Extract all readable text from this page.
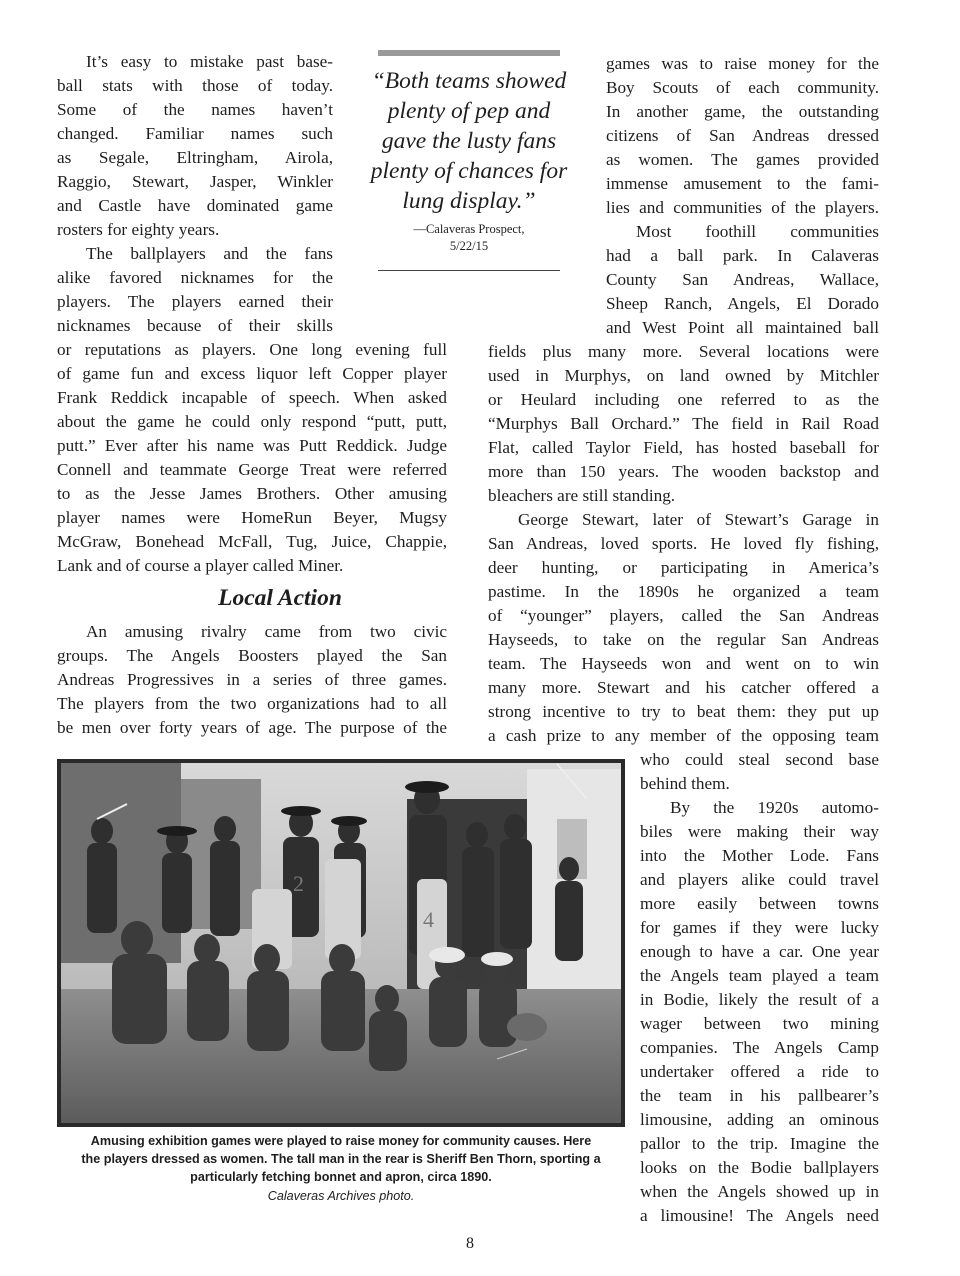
It’s easy to mistake past base-
ball stats with those of today.
Some of the names haven’t
changed. Familiar names such
as Segale, Eltringham, Airola,
Raggio, Stewart, Jasper, Winkler
and Castle have dominated game
rosters for eighty years.
The ballplayers and the fans
alike favored nicknames for the
players. The players earned their
nicknames because of their skills
or reputations as players. One long evening full
of game fun and excess liquor left Copper player
Frank Reddick incapable of speech. When asked
about the game he could only respond “putt, putt,
putt.” Ever after his name was Putt Reddick. Judge
Connell and teammate George Treat were referred
to as the Jesse James Brothers. Other amusing
player names were HomeRun Beyer, Mugsy
McGraw, Bonehead McFall, Tug, Juice, Chappie,
Lank and of course a player called Miner.
Local Action
An amusing rivalry came from two civic
groups. The Angels Boosters played the San
Andreas Progressives in a series of three games.
The players from the two organizations had to all
be men over forty years of age. The purpose of the
“Both teams showed
plenty of pep and
gave the lusty fans
plenty of chances for
lung display.”
—Calaveras Prospect,
5/22/15
games was to raise money for the
Boy Scouts of each community.
In another game, the outstanding
citizens of San Andreas dressed
as women. The games provided
immense amusement to the fami-
lies and communities of the players.
Most foothill communities
had a ball park. In Calaveras
County San Andreas, Wallace,
Sheep Ranch, Angels, El Dorado
and West Point all maintained ball
fields plus many more. Several locations were
used in Murphys, on land owned by Mitchler
or Heulard including one referred to as the
“Murphys Ball Orchard.” The field in Rail Road
Flat, called Taylor Field, has hosted baseball for
more than 150 years. The wooden backstop and
bleachers are still standing.
George Stewart, later of Stewart’s Garage in
San Andreas, loved sports. He loved fly fishing,
deer hunting, or participating in America’s
pastime. In the 1890s he organized a team
of “younger” players, called the San Andreas
Hayseeds, to take on the regular San Andreas
team. The Hayseeds won and went on to win
many more. Stewart and his catcher offered a
strong incentive to try to beat them: they put up
a cash prize to any member of the opposing team
who could steal second base
behind them.
By the 1920s automo-
biles were making their way
into the Mother Lode. Fans
and players alike could travel
more easily between towns
for games if they were lucky
enough to have a car. One year
the Angels team played a team
in Bodie, likely the result of a
wager between two mining
companies. The Angels Camp
undertaker offered a ride to
the team in his pallbearer’s
limousine, adding an ominous
pallor to the trip. Imagine the
looks on the Bodie ballplayers
when the Angels showed up in
a limousine! The Angels need
2
4
Amusing exhibition games were played to raise money for community causes. Here
the players dressed as women. The tall man in the rear is Sheriff Ben Thorn, sporting a
particularly fetching bonnet and apron, circa 1890.
Calaveras Archives photo.
8
